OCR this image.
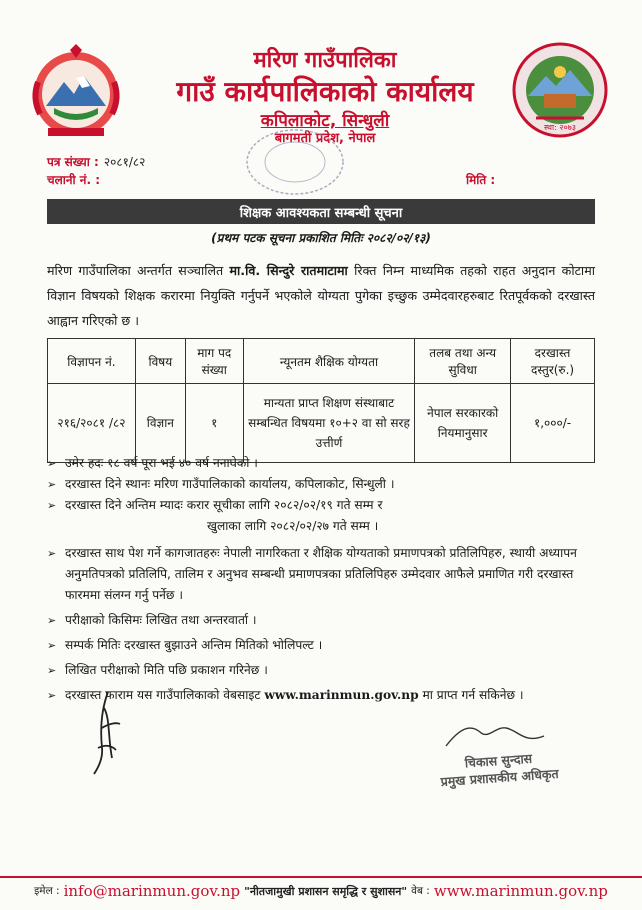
स्था: २०७३
मरिण गाउँपालिका
गाउँ कार्यपालिकाको कार्यालय
कपिलाकोट, सिन्धुली
बागमती प्रदेश, नेपाल
पत्र संख्या : २०८१/८२
चलानी नं. :	मिति :
शिक्षक आवश्यकता सम्बन्धी सूचना
(प्रथम पटक सूचना प्रकाशित मितिः २०८२/०२/१३)
मरिण गाउँपालिका अन्तर्गत सञ्चालित मा.वि. सिन्दुरे रातमाटामा रिक्त निम्न माध्यमिक तहको राहत अनुदान कोटामा विज्ञान विषयको शिक्षक करारमा नियुक्ति गर्नुपर्ने भएकोले योग्यता पुगेका इच्छुक उम्मेदवारहरुबाट रितपूर्वकको दरखास्त आह्वान गरिएको छ ।
विज्ञापन नं.	विषय	माग पद संख्या	न्यूनतम शैक्षिक योग्यता	तलब तथा अन्य सुविधा	दरखास्त दस्तुर(रु.)
२१६/२०८१ /८२	विज्ञान	१	मान्यता प्राप्त शिक्षण संस्थाबाट सम्बन्धित विषयमा १०+२ वा सो सरह उत्तीर्ण	नेपाल सरकारको नियमानुसार	१,०००/-
➢ उमेर हदः १८ वर्ष पूरा भई ४० वर्ष ननाघेको ।
➢ दरखास्त दिने स्थानः मरिण गाउँपालिकाको कार्यालय, कपिलाकोट, सिन्धुली ।
➢ दरखास्त दिने अन्तिम म्यादः करार सूचीका लागि २०८२/०२/१९ गते सम्म र
खुलाका लागि २०८२/०२/२७ गते सम्म ।
➢ दरखास्त साथ पेश गर्ने कागजातहरुः नेपाली नागरिकता र शैक्षिक योग्यताको प्रमाणपत्रको प्रतिलिपिहरु, स्थायी अध्यापन अनुमतिपत्रको प्रतिलिपि, तालिम र अनुभव सम्बन्धी प्रमाणपत्रका प्रतिलिपिहरु उम्मेदवार आफैले प्रमाणित गरी दरखास्त फारममा संलग्न गर्नु पर्नेछ ।
➢ परीक्षाको किसिमः लिखित तथा अन्तरवार्ता ।
➢ सम्पर्क मितिः दरखास्त बुझाउने अन्तिम मितिको भोलिपल्ट ।
➢ लिखित परीक्षाको मिति पछि प्रकाशन गरिनेछ ।
➢ दरखास्त फाराम यस गाउँपालिकाको वेबसाइट www.marinmun.gov.np मा प्राप्त गर्न सकिनेछ ।
चिकास सुन्दास
प्रमुख प्रशासकीय अधिकृत
इमेल : info@marinmun.gov.np "नीतजामुखी प्रशासन समृद्धि र सुशासन" वेब : www.marinmun.gov.np
